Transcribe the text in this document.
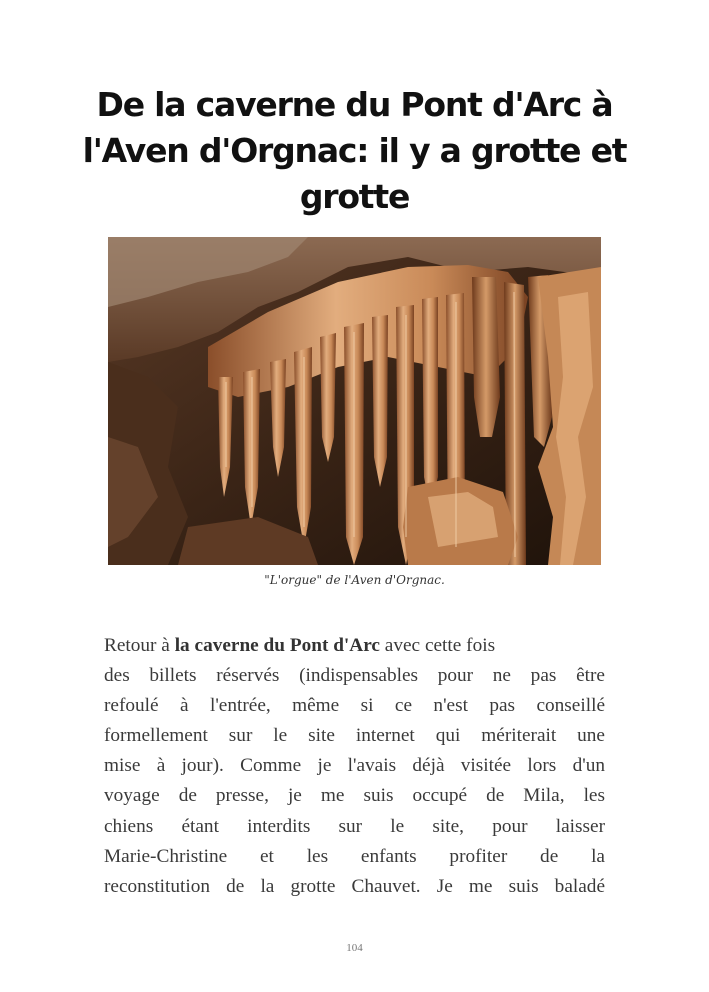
De la caverne du Pont d'Arc à l'Aven d'Orgnac: il y a grotte et grotte
"L'orgue" de l'Aven d'Orgnac.
Retour à la caverne du Pont d'Arc avec cette fois
des billets réservés (indispensables pour ne pas être
refoulé à l'entrée, même si ce n'est pas conseillé
formellement sur le site internet qui mériterait une
mise à jour). Comme je l'avais déjà visitée lors d'un
voyage de presse, je me suis occupé de Mila, les
chiens étant interdits sur le site, pour laisser
Marie-Christine et les enfants profiter de la
reconstitution de la grotte Chauvet. Je me suis baladé
104
